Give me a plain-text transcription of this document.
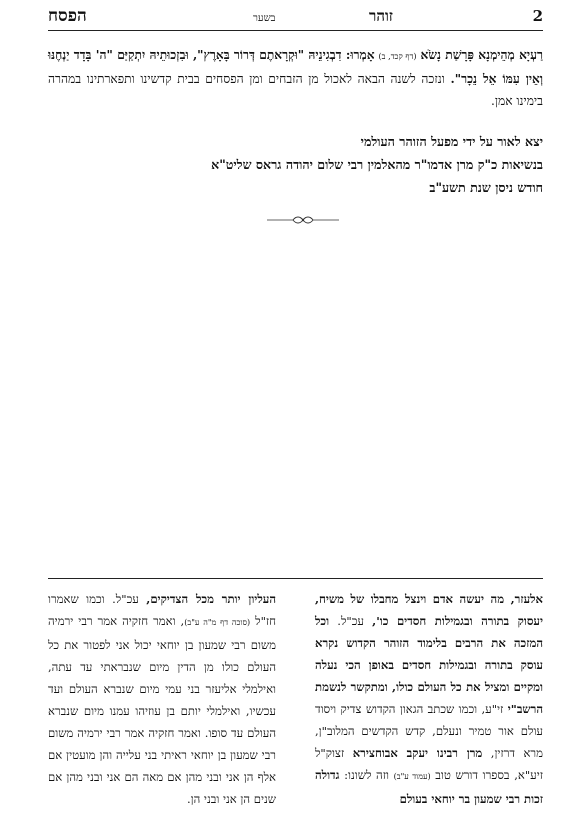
2
זוהר
בשער
הפסח
רַעְיָא מְהֵימְנָא פָּרָשַׁת נָשֹׂא (דף קכד, ב) אָמְרוּ: דִבְגִינֵיהּ "וּקְרָאתֶם דְּרוֹר בָּאָרֶץ", וּבִזְכוּתֵיהּ יִתְקַיַּם "ה' בָּדָד יַנְחֶנּוּ וְאֵין עִמּוֹ אֵל נֵכָר". ונזכה לשנה הבאה לאכול מן הזבחים ומן הפסחים בבית קדשינו ותפארתינו במהרה בימינו אמן.
יצא לאור על ידי מפעל הזוהר העולמי
בנשיאות כ"ק מרן אדמו"ר מהאלמין רבי שלום יהודה גראס שליט"א
חודש ניסן שנת תשע"ב
אלעזר, מה יעשה אדם וינצל מחבלו של משיח, יעסוק בתורה ובגמילות חסדים כו', עכ"ל. וכל המזכה את הרבים בלימוד הזוהר הקדוש נקרא עוסק בתורה ובגמילות חסדים באופן הכי נעלה ומקיים ומציל את כל העולם כולו, ומתקשר לנשמת הרשב"י זי"ע, וכמו שכתב הגאון הקדוש צדיק ויסוד עולם אור טמיר ונעלם, קדש הקדשים המלוב"ן, מרא דרזין, מרן רבינו יעקב אבוחצירא זצוק"ל זיע"א, בספרו דורש טוב (עמוד ע"ב) וזה לשונו: גדולה זכות רבי שמעון בר יוחאי בעולם
העליון יותר מכל הצדיקים, עכ"ל. וכמו שאמרו חז"ל (סוכה דף מ"ה ע"ב), ואמר חזקיה אמר רבי ירמיה משום רבי שמעון בן יוחאי יכול אני לפטור את כל העולם כולו מן הדין מיום שנבראתי עד עתה, ואילמלי אליעזר בני עמי מיום שנברא העולם ועד עכשיו, ואילמלי יותם בן עוזיהו עמנו מיום שנברא העולם עד סופו. ואמר חזקיה אמר רבי ירמיה משום רבי שמעון בן יוחאי ראיתי בני עלייה והן מועטין אם אלף הן אני ובני מהן אם מאה הם אני ובני מהן אם שנים הן אני ובני הן.
